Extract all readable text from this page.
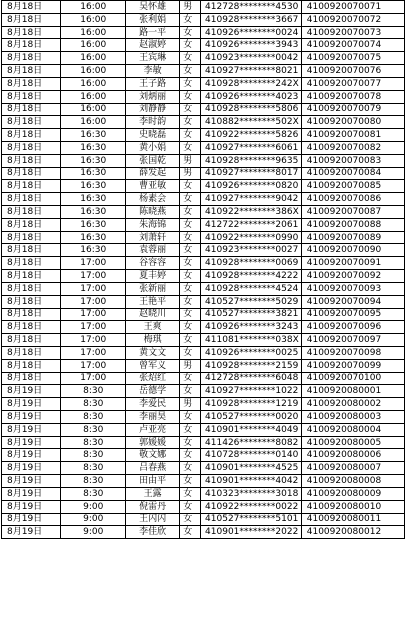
8月18日	16:00	吴怀雄	男	412728********4530	4100920070071
8月18日	16:00	张利娟	女	410928********3667	4100920070072
8月18日	16:00	路一平	女	410926********0024	4100920070073
8月18日	16:00	赵淑婷	女	410926********3943	4100920070074
8月18日	16:00	王宾琳	女	410923********0042	4100920070075
8月18日	16:00	李敏	女	410927********8021	4100920070076
8月18日	16:00	王子路	女	410928********242X	4100920070077
8月18日	16:00	刘炳丽	女	410926********4023	4100920070078
8月18日	16:00	刘静静	女	410928********5806	4100920070079
8月18日	16:00	李时韵	女	410882********502X	4100920070080
8月18日	16:30	史晓磊	女	410922********5826	4100920070081
8月18日	16:30	黄小娟	女	410927********6061	4100920070082
8月18日	16:30	张国乾	男	410928********9635	4100920070083
8月18日	16:30	薛发起	男	410927********8017	4100920070084
8月18日	16:30	曹亚敏	女	410926********0820	4100920070085
8月18日	16:30	杨素会	女	410927********9042	4100920070086
8月18日	16:30	陈晓燕	女	410922********386X	4100920070087
8月18日	16:30	朱海锦	女	412722********2061	4100920070088
8月18日	16:30	刘萧轩	女	410922********0990	4100920070089
8月18日	16:30	袁蓉丽	女	410923********0027	4100920070090
8月18日	17:00	谷容容	女	410928********0069	4100920070091
8月18日	17:00	夏丰婷	女	410928********4222	4100920070092
8月18日	17:00	张新丽	女	410928********4524	4100920070093
8月18日	17:00	王艳平	女	410527********5029	4100920070094
8月18日	17:00	赵晓川	女	410527********3821	4100920070095
8月18日	17:00	王爽	女	410926********3243	4100920070096
8月18日	17:00	梅琪	女	411081********038X	4100920070097
8月18日	17:00	黄文文	女	410926********0025	4100920070098
8月18日	17:00	曾军义	男	410928********2159	4100920070099
8月18日	17:00	张炤红	女	412728********6048	4100920070100
8月19日	8:30	岳德学	女	410927********1022	4100920080001
8月19日	8:30	李爱民	男	410928********1219	4100920080002
8月19日	8:30	李丽昊	女	410527********0020	4100920080003
8月19日	8:30	卢亚亮	女	410901********4049	4100920080004
8月19日	8:30	郭媛媛	女	411426********8082	4100920080005
8月19日	8:30	敬文娜	女	410728********0140	4100920080006
8月19日	8:30	吕春燕	女	410901********4525	4100920080007
8月19日	8:30	田由平	女	410901********4042	4100920080008
8月19日	8:30	王露	女	410323********3018	4100920080009
8月19日	9:00	倪雷丹	女	410922********0022	4100920080010
8月19日	9:00	王闪闪	女	410527********5101	4100920080011
8月19日	9:00	李佳欣	女	410901********2022	4100920080012
